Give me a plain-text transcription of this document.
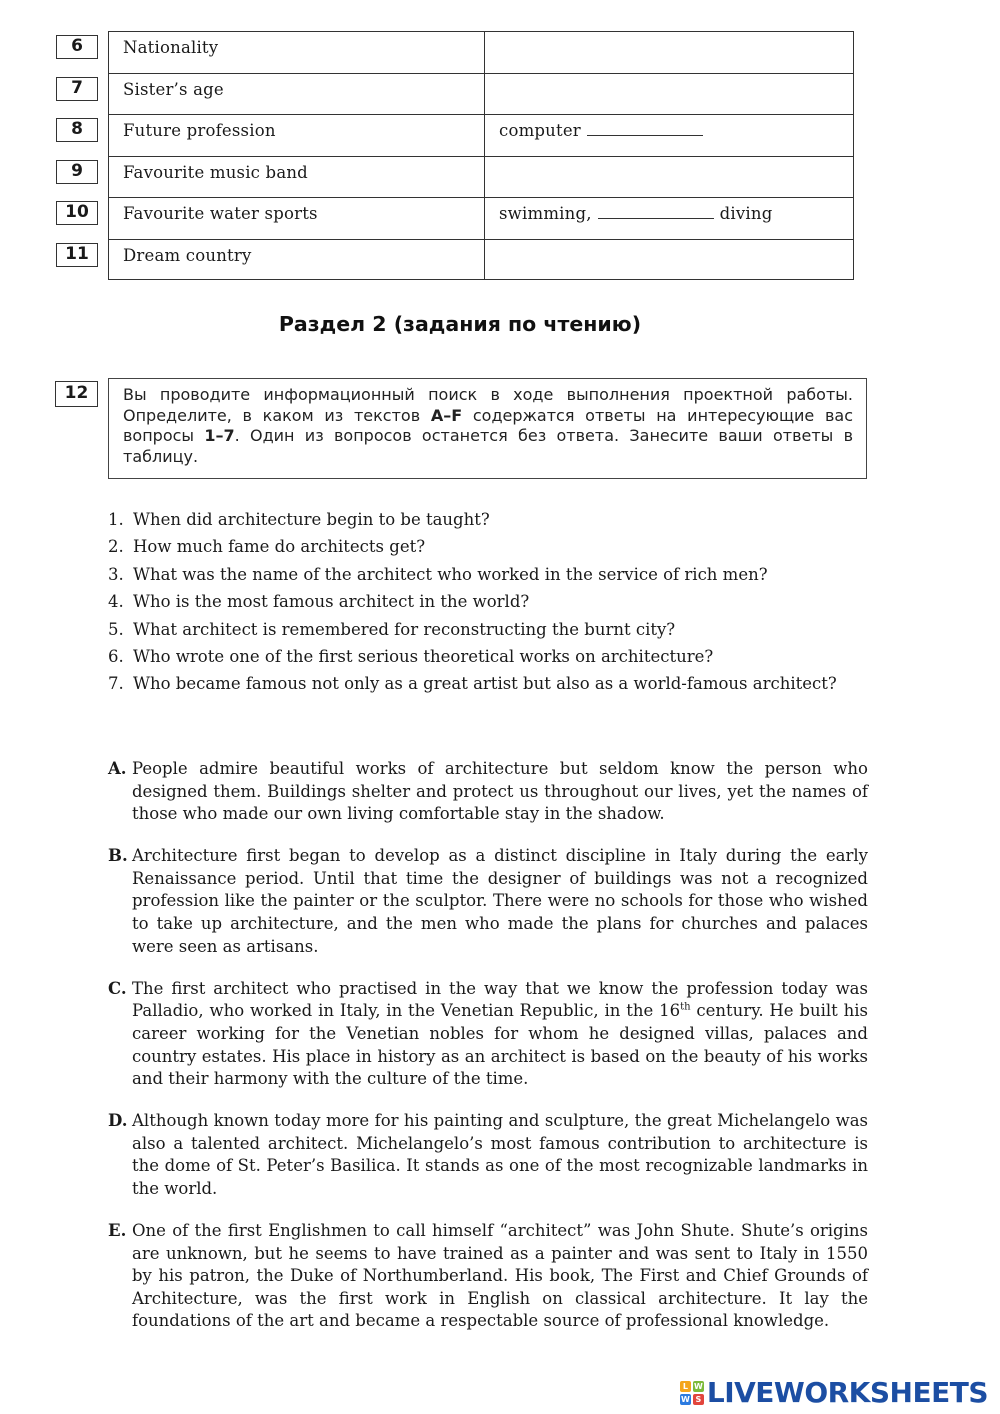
6	Nationality
7	Sister’s age
8	Future profession	computer
9	Favourite music band
10	Favourite water sports	swimming,	diving
11	Dream country
Раздел 2 (задания по чтению)
12	Вы проводите информационный поиск в ходе выполнения проектной работы. Определите, в каком из текстов A–F содержатся ответы на интересующие вас вопросы 1–7. Один из вопросов останется без ответа. Занесите ваши ответы в таблицу.
1. When did architecture begin to be taught?
2. How much fame do architects get?
3. What was the name of the architect who worked in the service of rich men?
4. Who is the most famous architect in the world?
5. What architect is remembered for reconstructing the burnt city?
6. Who wrote one of the first serious theoretical works on architecture?
7. Who became famous not only as a great artist but also as a world-famous architect?
A. People admire beautiful works of architecture but seldom know the person who designed them. Buildings shelter and protect us throughout our lives, yet the names of those who made our own living comfortable stay in the shadow.
B. Architecture first began to develop as a distinct discipline in Italy during the early Renaissance period. Until that time the designer of buildings was not a recognized profession like the painter or the sculptor. There were no schools for those who wished to take up architecture, and the men who made the plans for churches and palaces were seen as artisans.
C. The first architect who practised in the way that we know the profession today was Palladio, who worked in Italy, in the Venetian Republic, in the 16th century. He built his career working for the Venetian nobles for whom he designed villas, palaces and country estates. His place in history as an architect is based on the beauty of his works and their harmony with the culture of the time.
D. Although known today more for his painting and sculpture, the great Michelangelo was also a talented architect. Michelangelo’s most famous contribution to architecture is the dome of St. Peter’s Basilica. It stands as one of the most recognizable landmarks in the world.
E. One of the first Englishmen to call himself “architect” was John Shute. Shute’s origins are unknown, but he seems to have trained as a painter and was sent to Italy in 1550 by his patron, the Duke of Northumberland. His book, The First and Chief Grounds of Architecture, was the first work in English on classical architecture. It lay the foundations of the art and became a respectable source of professional knowledge.
L W
W S LIVEWORKSHEETS
